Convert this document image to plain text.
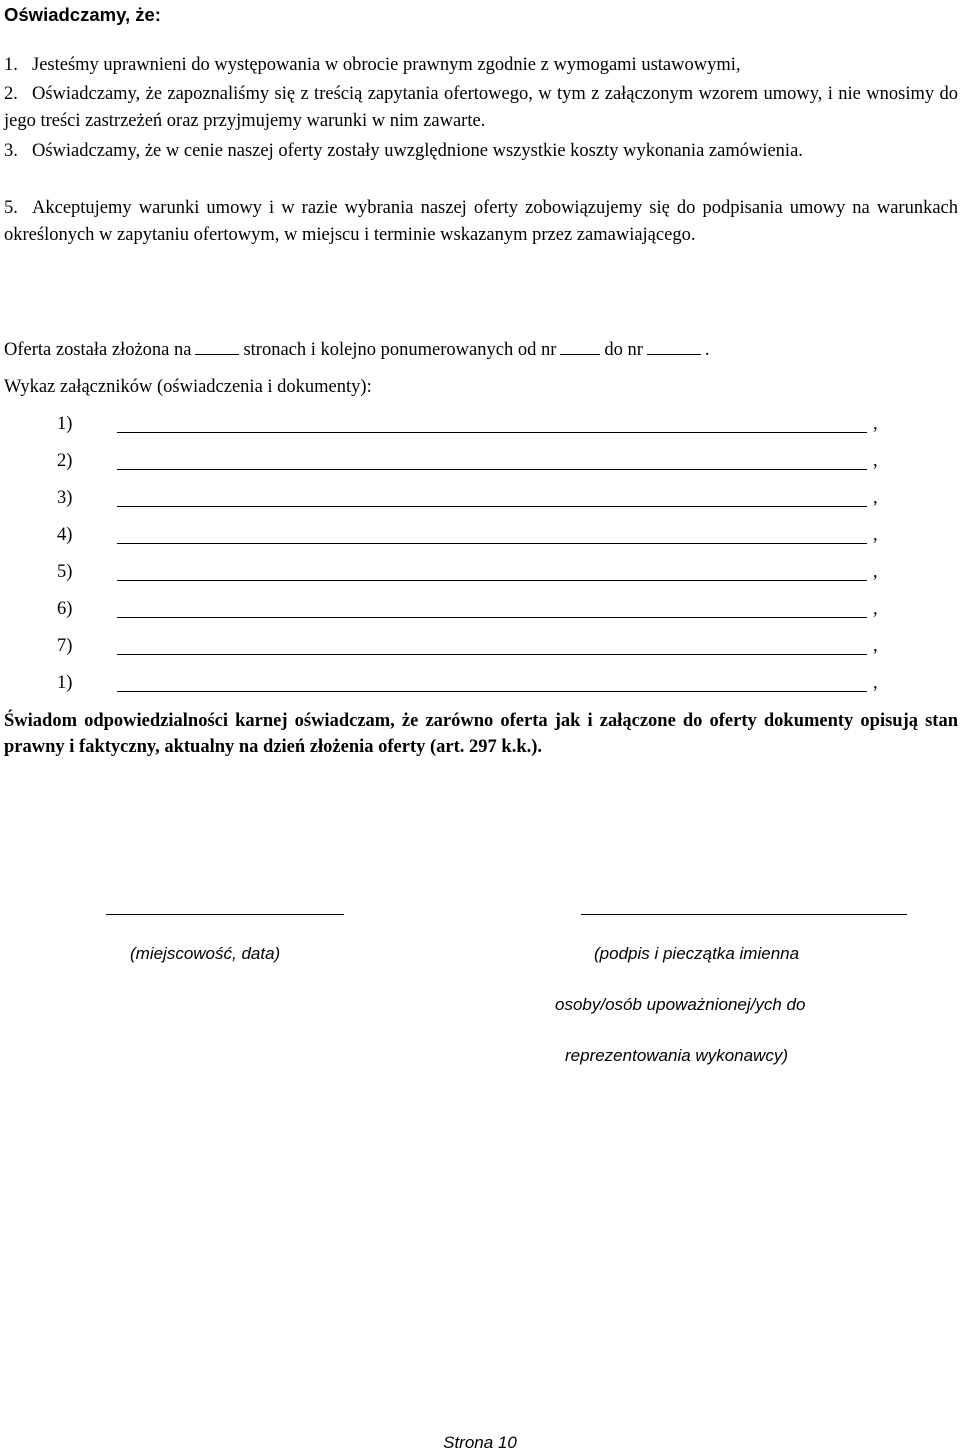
Oświadczamy, że:
1. Jesteśmy uprawnieni do występowania w obrocie prawnym zgodnie z wymogami ustawowymi,
2. Oświadczamy, że zapoznaliśmy się z treścią zapytania ofertowego, w tym z załączonym wzorem umowy, i nie wnosimy do jego treści zastrzeżeń oraz przyjmujemy warunki w nim zawarte.
3. Oświadczamy, że w cenie naszej oferty zostały uwzględnione wszystkie koszty wykonania zamówienia.
5. Akceptujemy warunki umowy i w razie wybrania naszej oferty zobowiązujemy się do podpisania umowy na warunkach określonych w zapytaniu ofertowym, w miejscu i terminie wskazanym przez zamawiającego.
Oferta została złożona na	stronach i kolejno ponumerowanych od nr	do nr	.
Wykaz załączników (oświadczenia i dokumenty):
1)	,
2)	,
3)	,
4)	,
5)	,
6)	,
7)	,
1)	,
Świadom odpowiedzialności karnej oświadczam, że zarówno oferta jak i załączone do oferty dokumenty opisują stan prawny i faktyczny, aktualny na dzień złożenia oferty (art. 297 k.k.).
(miejscowość, data)	(podpis i pieczątka imienna
osoby/osób upoważnionej/ych do
reprezentowania wykonawcy)
Strona 10
